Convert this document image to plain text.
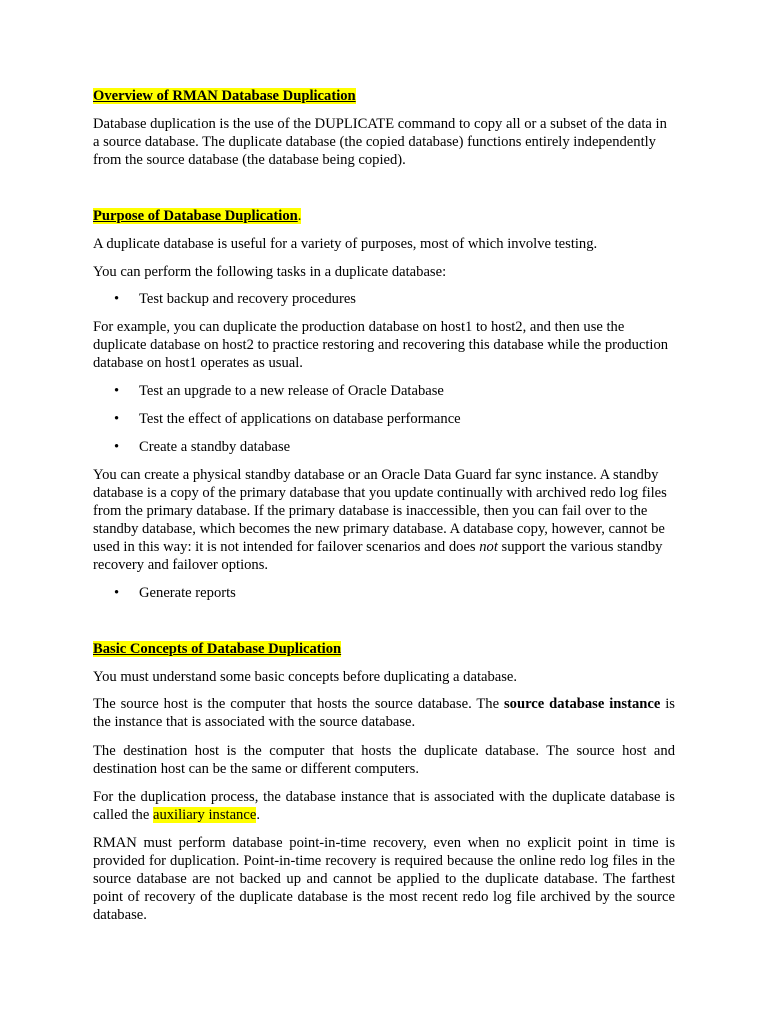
Overview of RMAN Database Duplication

Database duplication is the use of the DUPLICATE command to copy all or a subset of the data in a source database. The duplicate database (the copied database) functions entirely independently from the source database (the database being copied).

Purpose of Database Duplication.

A duplicate database is useful for a variety of purposes, most of which involve testing.

You can perform the following tasks in a duplicate database:

• Test backup and recovery procedures

For example, you can duplicate the production database on host1 to host2, and then use the duplicate database on host2 to practice restoring and recovering this database while the production database on host1 operates as usual.

• Test an upgrade to a new release of Oracle Database
• Test the effect of applications on database performance
• Create a standby database

You can create a physical standby database or an Oracle Data Guard far sync instance. A standby database is a copy of the primary database that you update continually with archived redo log files from the primary database. If the primary database is inaccessible, then you can fail over to the standby database, which becomes the new primary database. A database copy, however, cannot be used in this way: it is not intended for failover scenarios and does not support the various standby recovery and failover options.

• Generate reports

Basic Concepts of Database Duplication

You must understand some basic concepts before duplicating a database.

The source host is the computer that hosts the source database. The source database instance is the instance that is associated with the source database.

The destination host is the computer that hosts the duplicate database. The source host and destination host can be the same or different computers.

For the duplication process, the database instance that is associated with the duplicate database is called the auxiliary instance.

RMAN must perform database point-in-time recovery, even when no explicit point in time is provided for duplication. Point-in-time recovery is required because the online redo log files in the source database are not backed up and cannot be applied to the duplicate database. The farthest point of recovery of the duplicate database is the most recent redo log file archived by the source database.
